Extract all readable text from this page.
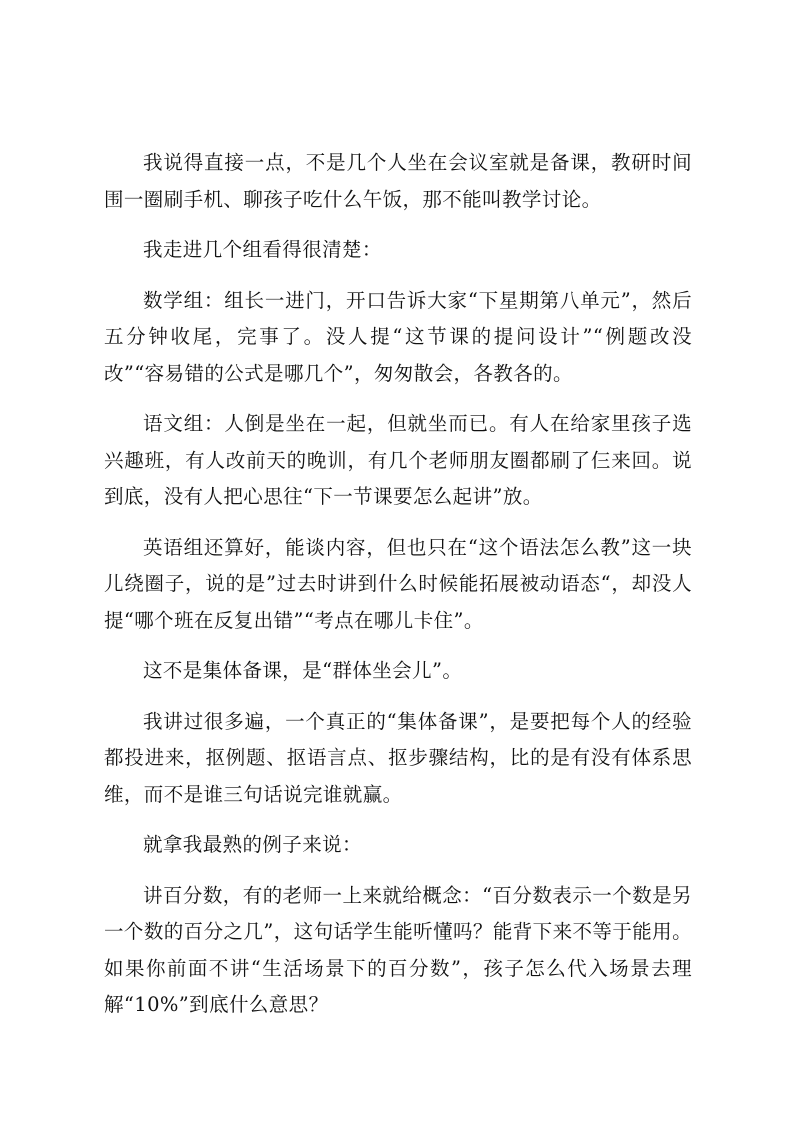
我说得直接一点，不是几个人坐在会议室就是备课，教研时间围一圈刷手机、聊孩子吃什么午饭，那不能叫教学讨论。

我走进几个组看得很清楚：

数学组：组长一进门，开口告诉大家“下星期第八单元”，然后五分钟收尾，完事了。没人提“这节课的提问设计”“例题改没改”“容易错的公式是哪几个”，匆匆散会，各教各的。

语文组：人倒是坐在一起，但就坐而已。有人在给家里孩子选兴趣班，有人改前天的晚训，有几个老师朋友圈都刷了仨来回。说到底，没有人把心思往“下一节课要怎么起讲”放。

英语组还算好，能谈内容，但也只在“这个语法怎么教”这一块儿绕圈子，说的是”过去时讲到什么时候能拓展被动语态“，却没人提“哪个班在反复出错”“考点在哪儿卡住”。

这不是集体备课，是“群体坐会儿”。

我讲过很多遍，一个真正的“集体备课”，是要把每个人的经验都投进来，抠例题、抠语言点、抠步骤结构，比的是有没有体系思维，而不是谁三句话说完谁就赢。

就拿我最熟的例子来说：

讲百分数，有的老师一上来就给概念：“百分数表示一个数是另一个数的百分之几”，这句话学生能听懂吗？能背下来不等于能用。如果你前面不讲“生活场景下的百分数”，孩子怎么代入场景去理解“10%”到底什么意思？
